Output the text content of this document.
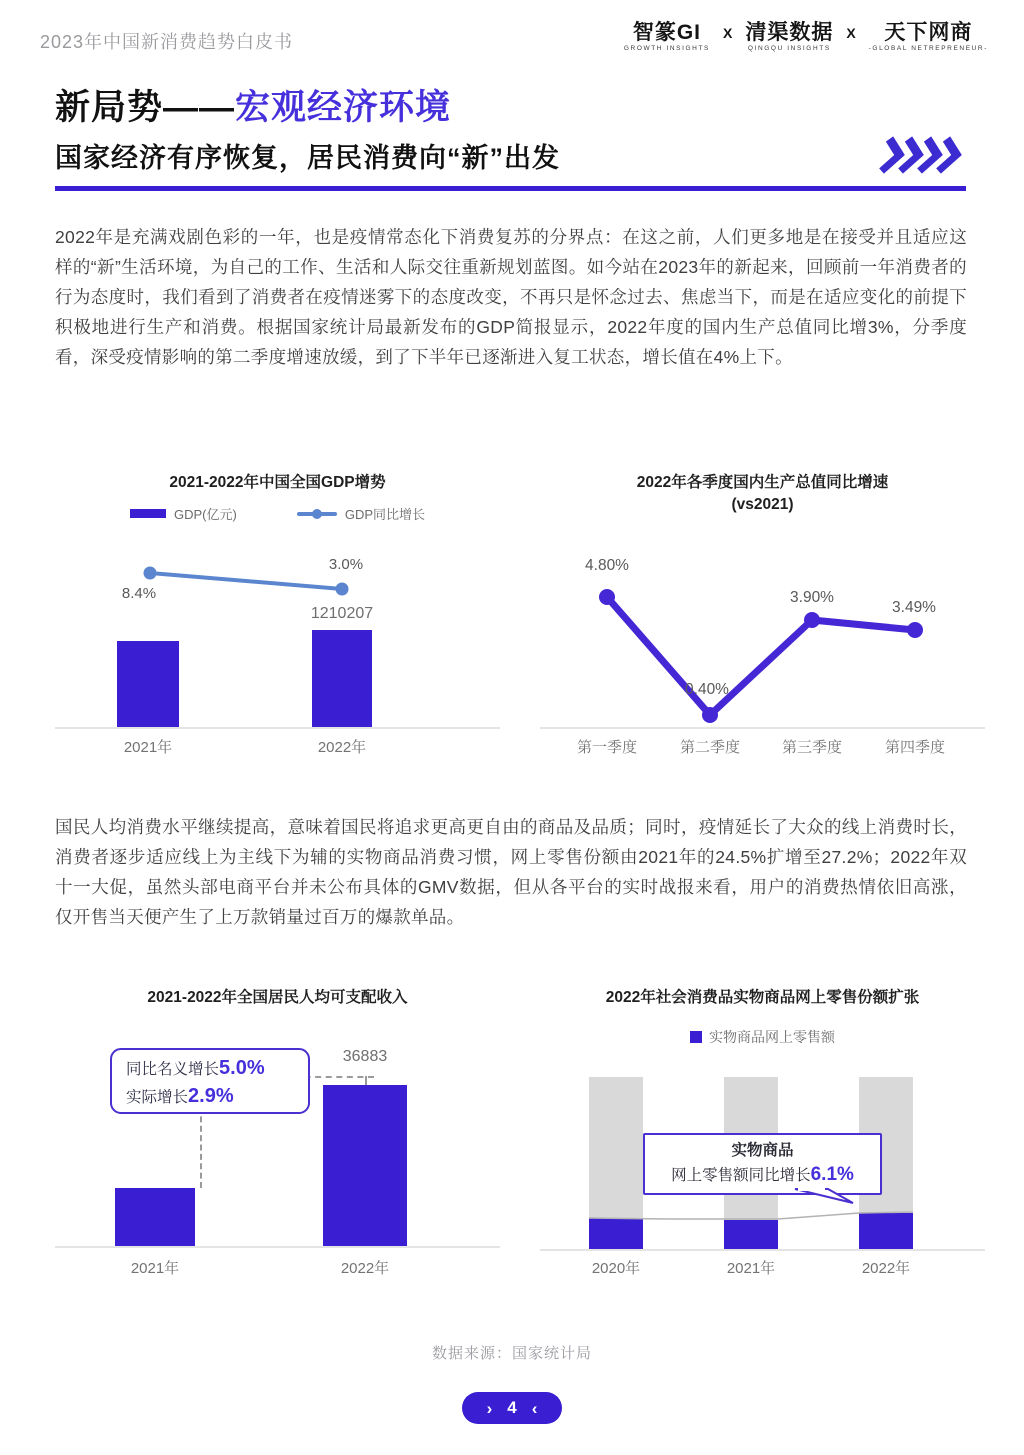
2023年中国新消费趋势白皮书	智篆GI
GROWTH INSIGHTS
X 清渠数据
QINGQU INSIGHTS
X	天下网商
-GLOBAL NETREPRENEUR-
新局势——宏观经济环境
国家经济有序恢复，居民消费向“新”出发
2022年是充满戏剧色彩的一年，也是疫情常态化下消费复苏的分界点：在这之前，人们更多地是在接受并且适应这样的“新”生活环境，为自己的工作、生活和人际交往重新规划蓝图。如今站在2023年的新起来，回顾前一年消费者的行为态度时，我们看到了消费者在疫情迷雾下的态度改变，不再只是怀念过去、焦虑当下，而是在适应变化的前提下积极地进行生产和消费。根据国家统计局最新发布的GDP简报显示，2022年度的国内生产总值同比增3%，分季度看，深受疫情影响的第二季度增速放缓，到了下半年已逐渐进入复工状态，增长值在4%上下。
国民人均消费水平继续提高，意味着国民将追求更高更自由的商品及品质；同时，疫情延长了大众的线上消费时长，消费者逐步适应线上为主线下为辅的实物商品消费习惯，网上零售份额由2021年的24.5%扩增至27.2%；2022年双十一大促，虽然头部电商平台并未公布具体的GMV数据，但从各平台的实时战报来看，用户的消费热情依旧高涨，仅开售当天便产生了上万款销量过百万的爆款单品。
2021-2022年中国全国GDP增势
GDP(亿元)	GDP同比增长
8.4%
3.0%
1210207
2021年	2022年
2022年各季度国内生产总值同比增速
(vs2021)
4.80%
0.40%
3.90%
3.49%
第一季度	第二季度	第三季度	第四季度
2021-2022年全国居民人均可支配收入
同比名义增长5.0%
实际增长2.9%
36883
2021年	2022年
2022年社会消费品实物商品网上零售份额扩张
实物商品网上零售额
实物商品
网上零售额同比增长6.1%
2020年	2021年	2022年
数据来源：国家统计局
› 4 ‹
